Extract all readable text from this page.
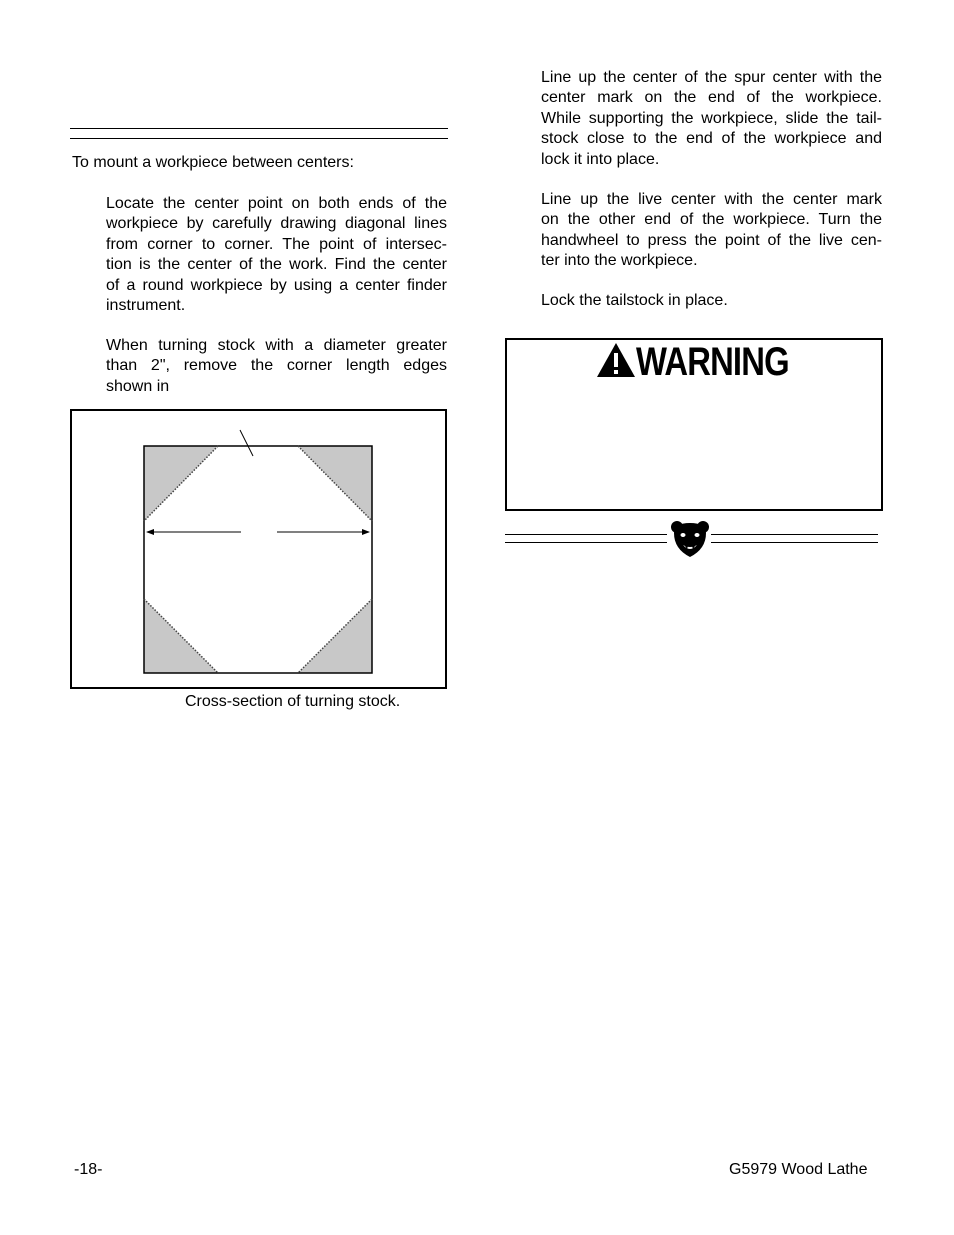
To mount a workpiece between centers:
Locate the center point on both ends of the
workpiece by carefully drawing diagonal lines
from corner to corner. The point of intersec-
tion is the center of the work. Find the center
of a round workpiece by using a center finder
instrument.
When turning stock with a diameter greater
than 2", remove the corner length edges
shown in
Cross-section of turning stock.
Line up the center of the spur center with the
center mark on the end of the workpiece.
While supporting the workpiece, slide the tail-
stock close to the end of the workpiece and
lock it into place.
Line up the live center with the center mark
on the other end of the workpiece. Turn the
handwheel to press the point of the live cen-
ter into the workpiece.
Lock the tailstock in place.
WARNING
-18-	G5979 Wood Lathe
